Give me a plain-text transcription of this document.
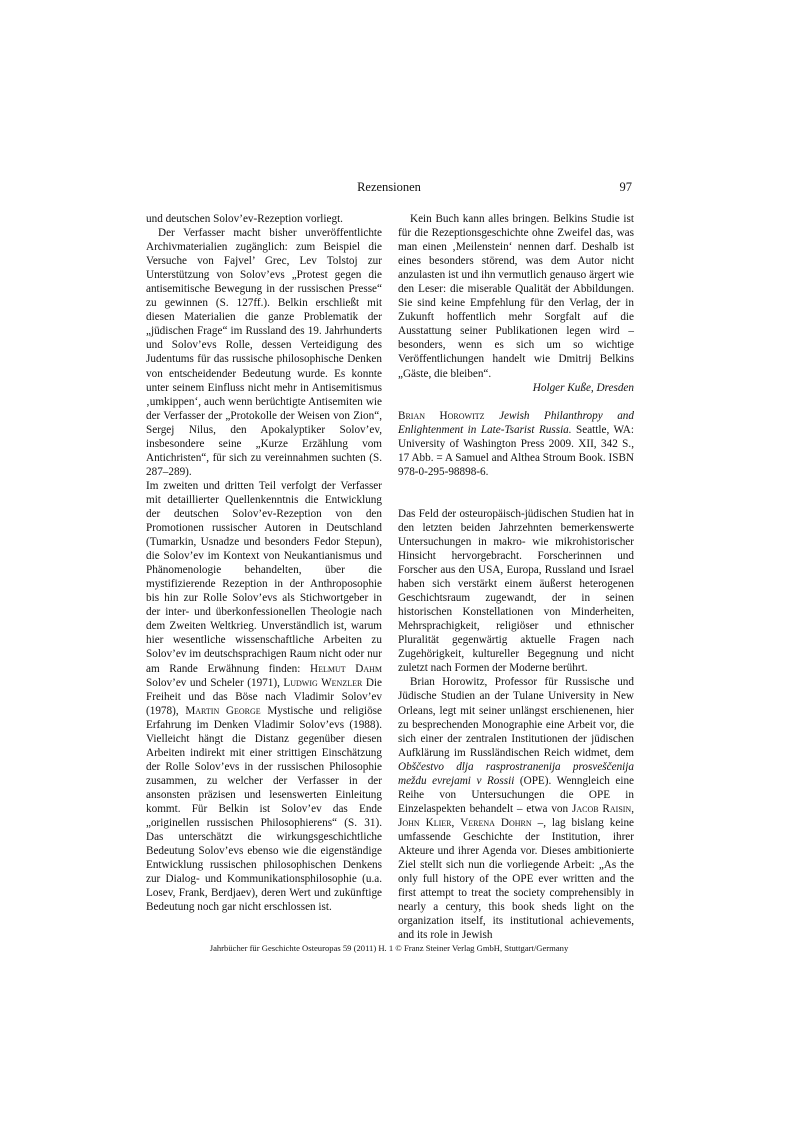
Rezensionen	97

und deutschen Solov’ev-Rezeption vorliegt.

Der Verfasser macht bisher unveröffentlichte Archivmaterialien zugänglich: zum Beispiel die Versuche von Fajvel’ Grec, Lev Tolstoj zur Unterstützung von Solov’evs „Protest gegen die antisemitische Bewegung in der russischen Presse“ zu gewinnen (S. 127ff.). Belkin erschließt mit diesen Materialien die ganze Problematik der „jüdischen Frage“ im Russland des 19. Jahrhunderts und Solov’evs Rolle, dessen Verteidigung des Judentums für das russische philosophische Denken von entscheidender Bedeutung wurde. Es konnte unter seinem Einfluss nicht mehr in Antisemitismus ‚umkippen‘, auch wenn berüchtigte Antisemiten wie der Verfasser der „Protokolle der Weisen von Zion“, Sergej Nilus, den Apokalyptiker Solov’ev, insbesondere seine „Kurze Erzählung vom Antichristen“, für sich zu vereinnahmen suchten (S. 287–289).

Im zweiten und dritten Teil verfolgt der Verfasser mit detaillierter Quellenkenntnis die Entwicklung der deutschen Solov’ev-Rezeption von den Promotionen russischer Autoren in Deutschland (Tumarkin, Usnadze und besonders Fedor Stepun), die Solov’ev im Kontext von Neukantianismus und Phänomenologie behandelten, über die mystifizierende Rezeption in der Anthroposophie bis hin zur Rolle Solov’evs als Stichwortgeber in der inter- und überkonfessionellen Theologie nach dem Zweiten Weltkrieg. Unverständlich ist, warum hier wesentliche wissenschaftliche Arbeiten zu Solov’ev im deutschsprachigen Raum nicht oder nur am Rande Erwähnung finden: Helmut Dahm Solov’ev und Scheler (1971), Ludwig Wenzler Die Freiheit und das Böse nach Vladimir Solov’ev (1978), Martin George Mystische und religiöse Erfahrung im Denken Vladimir Solov’evs (1988). Vielleicht hängt die Distanz gegenüber diesen Arbeiten indirekt mit einer strittigen Einschätzung der Rolle Solov’evs in der russischen Philosophie zusammen, zu welcher der Verfasser in der ansonsten präzisen und lesenswerten Einleitung kommt. Für Belkin ist Solov’ev das Ende „originellen russischen Philosophierens“ (S. 31). Das unterschätzt die wirkungsgeschichtliche Bedeutung Solov’evs ebenso wie die eigenständige Entwicklung russischen philosophischen Denkens zur Dialog- und Kommunikationsphilosophie (u.a. Losev, Frank, Berdjaev), deren Wert und zukünftige Bedeutung noch gar nicht erschlossen ist.

Kein Buch kann alles bringen. Belkins Studie ist für die Rezeptionsgeschichte ohne Zweifel das, was man einen ‚Meilenstein‘ nennen darf. Deshalb ist eines besonders störend, was dem Autor nicht anzulasten ist und ihn vermutlich genauso ärgert wie den Leser: die miserable Qualität der Abbildungen. Sie sind keine Empfehlung für den Verlag, der in Zukunft hoffentlich mehr Sorgfalt auf die Ausstattung seiner Publikationen legen wird – besonders, wenn es sich um so wichtige Veröffentlichungen handelt wie Dmitrij Belkins „Gäste, die bleiben“.

Holger Kuße, Dresden

Brian Horowitz Jewish Philanthropy and Enlightenment in Late-Tsarist Russia. Seattle, WA: University of Washington Press 2009. XII, 342 S., 17 Abb. = A Samuel and Althea Stroum Book. ISBN 978-0-295-98898-6.

Das Feld der osteuropäisch-jüdischen Studien hat in den letzten beiden Jahrzehnten bemerkenswerte Untersuchungen in makro- wie mikrohistorischer Hinsicht hervorgebracht. Forscherinnen und Forscher aus den USA, Europa, Russland und Israel haben sich verstärkt einem äußerst heterogenen Geschichtsraum zugewandt, der in seinen historischen Konstellationen von Minderheiten, Mehrsprachigkeit, religiöser und ethnischer Pluralität gegenwärtig aktuelle Fragen nach Zugehörigkeit, kultureller Begegnung und nicht zuletzt nach Formen der Moderne berührt.

Brian Horowitz, Professor für Russische und Jüdische Studien an der Tulane University in New Orleans, legt mit seiner unlängst erschienenen, hier zu besprechenden Monographie eine Arbeit vor, die sich einer der zentralen Institutionen der jüdischen Aufklärung im Russländischen Reich widmet, dem Obščestvo dlja rasprostranenija prosveščenija meždu evrejami v Rossii (OPE). Wenngleich eine Reihe von Untersuchungen die OPE in Einzelaspekten behandelt – etwa von Jacob Raisin, John Klier, Verena Dohrn –, lag bislang keine umfassende Geschichte der Institution, ihrer Akteure und ihrer Agenda vor. Dieses ambitionierte Ziel stellt sich nun die vorliegende Arbeit: „As the only full history of the OPE ever written and the first attempt to treat the society comprehensibly in nearly a century, this book sheds light on the organization itself, its institutional achievements, and its role in Jewish

Jahrbücher für Geschichte Osteuropas 59 (2011) H. 1 © Franz Steiner Verlag GmbH, Stuttgart/Germany
